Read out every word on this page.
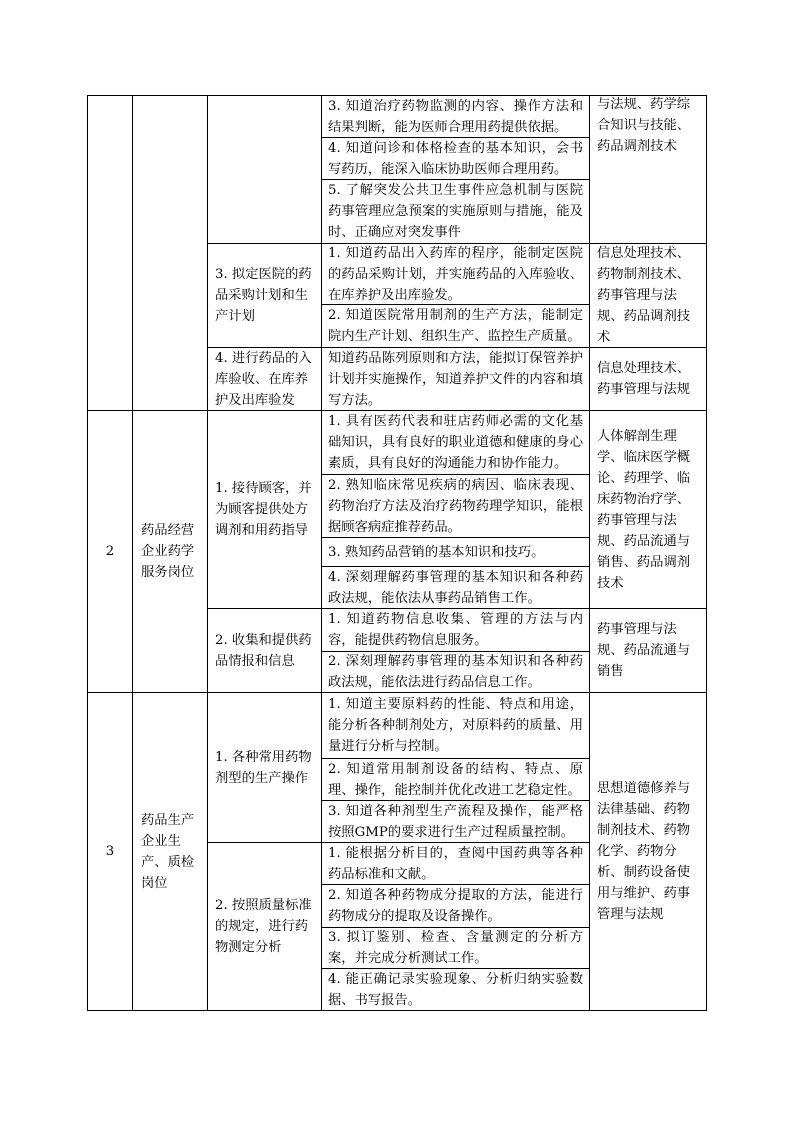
3. 知道治疗药物监测的内容、操作方法和结果判断，能为医师合理用药提供依据。
4. 知道问诊和体格检查的基本知识，会书写药历，能深入临床协助医师合理用药。
5. 了解突发公共卫生事件应急机制与医院药事管理应急预案的实施原则与措施，能及时、正确应对突发事件
与法规、药学综合知识与技能、药品调剂技术
3. 拟定医院的药品采购计划和生产计划
1. 知道药品出入药库的程序，能制定医院的药品采购计划，并实施药品的入库验收、在库养护及出库验发。
2. 知道医院常用制剂的生产方法，能制定院内生产计划、组织生产、监控生产质量。
信息处理技术、药物制剂技术、药事管理与法规、药品调剂技术
4. 进行药品的入库验收、在库养护及出库验发
知道药品陈列原则和方法，能拟订保管养护计划并实施操作，知道养护文件的内容和填写方法。
信息处理技术、药事管理与法规
2
药品经营企业药学服务岗位
1. 接待顾客，并为顾客提供处方调剂和用药指导
1. 具有医药代表和驻店药师必需的文化基础知识，具有良好的职业道德和健康的身心素质，具有良好的沟通能力和协作能力。
2. 熟知临床常见疾病的病因、临床表现、药物治疗方法及治疗药物药理学知识，能根据顾客病症推荐药品。
3. 熟知药品营销的基本知识和技巧。
4. 深刻理解药事管理的基本知识和各种药政法规，能依法从事药品销售工作。
人体解剖生理学、临床医学概论、药理学、临床药物治疗学、药事管理与法规、药品流通与销售、药品调剂技术
2. 收集和提供药品情报和信息
1. 知道药物信息收集、管理的方法与内容，能提供药物信息服务。
2. 深刻理解药事管理的基本知识和各种药政法规，能依法进行药品信息工作。
药事管理与法规、药品流通与销售
3
药品生产企业生产、质检岗位
1. 各种常用药物剂型的生产操作
1. 知道主要原料药的性能、特点和用途，能分析各种制剂处方，对原料药的质量、用量进行分析与控制。
2. 知道常用制剂设备的结构、特点、原理、操作，能控制并优化改进工艺稳定性。
3. 知道各种剂型生产流程及操作，能严格按照GMP的要求进行生产过程质量控制。
2. 按照质量标准的规定，进行药物测定分析
1. 能根据分析目的，查阅中国药典等各种药品标准和文献。
2. 知道各种药物成分提取的方法，能进行药物成分的提取及设备操作。
3. 拟订鉴别、检查、含量测定的分析方案，并完成分析测试工作。
4. 能正确记录实验现象、分析归纳实验数据、书写报告。
思想道德修养与法律基础、药物制剂技术、药物化学、药物分析、制药设备使用与维护、药事管理与法规
